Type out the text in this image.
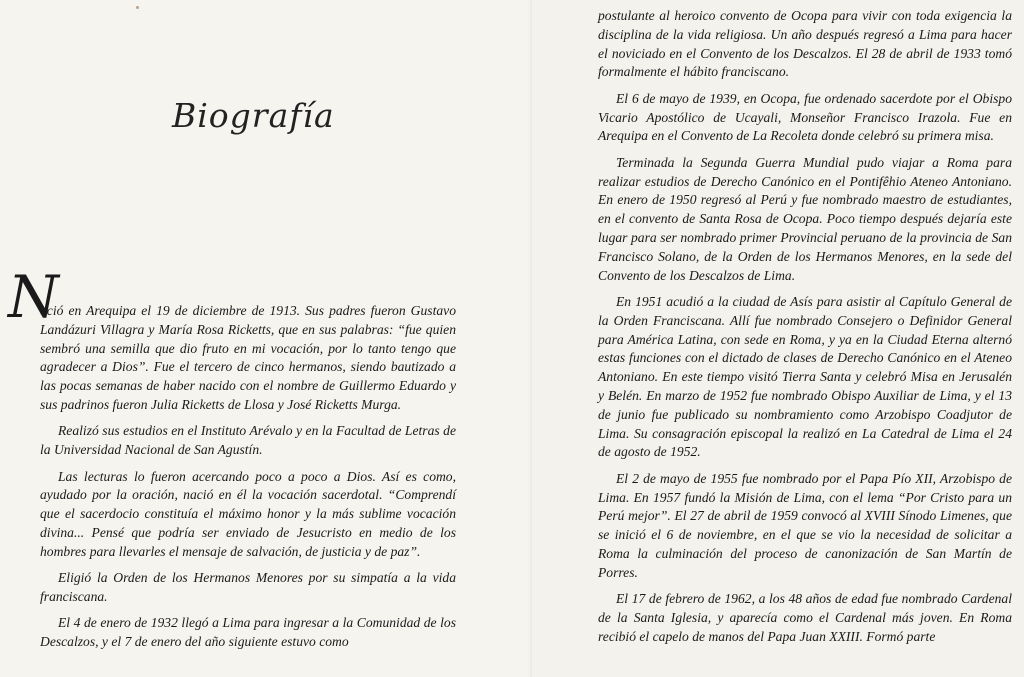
Biografía
N

ació en Arequipa el 19 de diciembre de 1913. Sus padres fueron Gustavo Landázuri Villagra y María Rosa Ricketts, que en sus palabras: “fue quien sembró una semilla que dio fruto en mi vocación, por lo tanto tengo que agradecer a Dios”. Fue el tercero de cinco hermanos, siendo bautizado a las pocas semanas de haber nacido con el nombre de Guillermo Eduardo y sus padrinos fueron Julia Ricketts de Llosa y José Ricketts Murga.

Realizó sus estudios en el Instituto Arévalo y en la Facultad de Letras de la Universidad Nacional de San Agustín.

Las lecturas lo fueron acercando poco a poco a Dios. Así es como, ayudado por la oración, nació en él la vocación sacerdotal. “Comprendí que el sacerdocio constituía el máximo honor y la más sublime vocación divina... Pensé que podría ser enviado de Jesucristo en medio de los hombres para llevarles el mensaje de salvación, de justicia y de paz”.

Eligió la Orden de los Hermanos Menores por su simpatía a la vida franciscana.

El 4 de enero de 1932 llegó a Lima para ingresar a la Comunidad de los Descalzos, y el 7 de enero del año siguiente estuvo como

postulante al heroico convento de Ocopa para vivir con toda exigencia la disciplina de la vida religiosa. Un año después regresó a Lima para hacer el noviciado en el Convento de los Descalzos. El 28 de abril de 1933 tomó formalmente el hábito franciscano.

El 6 de mayo de 1939, en Ocopa, fue ordenado sacerdote por el Obispo Vicario Apostólico de Ucayali, Monseñor Francisco Irazola. Fue en Arequipa en el Convento de La Recoleta donde celebró su primera misa.

Terminada la Segunda Guerra Mundial pudo viajar a Roma para realizar estudios de Derecho Canónico en el Pontifêhio Ateneo Antoniano. En enero de 1950 regresó al Perú y fue nombrado maestro de estudiantes, en el convento de Santa Rosa de Ocopa. Poco tiempo después dejaría este lugar para ser nombrado primer Provincial peruano de la provincia de San Francisco Solano, de la Orden de los Hermanos Menores, en la sede del Convento de los Descalzos de Lima.

En 1951 acudió a la ciudad de Asís para asistir al Capítulo General de la Orden Franciscana. Allí fue nombrado Consejero o Definidor General para América Latina, con sede en Roma, y ya en la Ciudad Eterna alternó estas funciones con el dictado de clases de Derecho Canónico en el Ateneo Antoniano. En este tiempo visitó Tierra Santa y celebró Misa en Jerusalén y Belén. En marzo de 1952 fue nombrado Obispo Auxiliar de Lima, y el 13 de junio fue publicado su nombramiento como Arzobispo Coadjutor de Lima. Su consagración episcopal la realizó en La Catedral de Lima el 24 de agosto de 1952.

El 2 de mayo de 1955 fue nombrado por el Papa Pío XII, Arzobispo de Lima. En 1957 fundó la Misión de Lima, con el lema “Por Cristo para un Perú mejor”. El 27 de abril de 1959 convocó al XVIII Sínodo Limenes, que se inició el 6 de noviembre, en el que se vio la necesidad de solicitar a Roma la culminación del proceso de canonización de San Martín de Porres.

El 17 de febrero de 1962, a los 48 años de edad fue nombrado Cardenal de la Santa Iglesia, y aparecía como el Cardenal más joven. En Roma recibió el capelo de manos del Papa Juan XXIII. Formó parte
